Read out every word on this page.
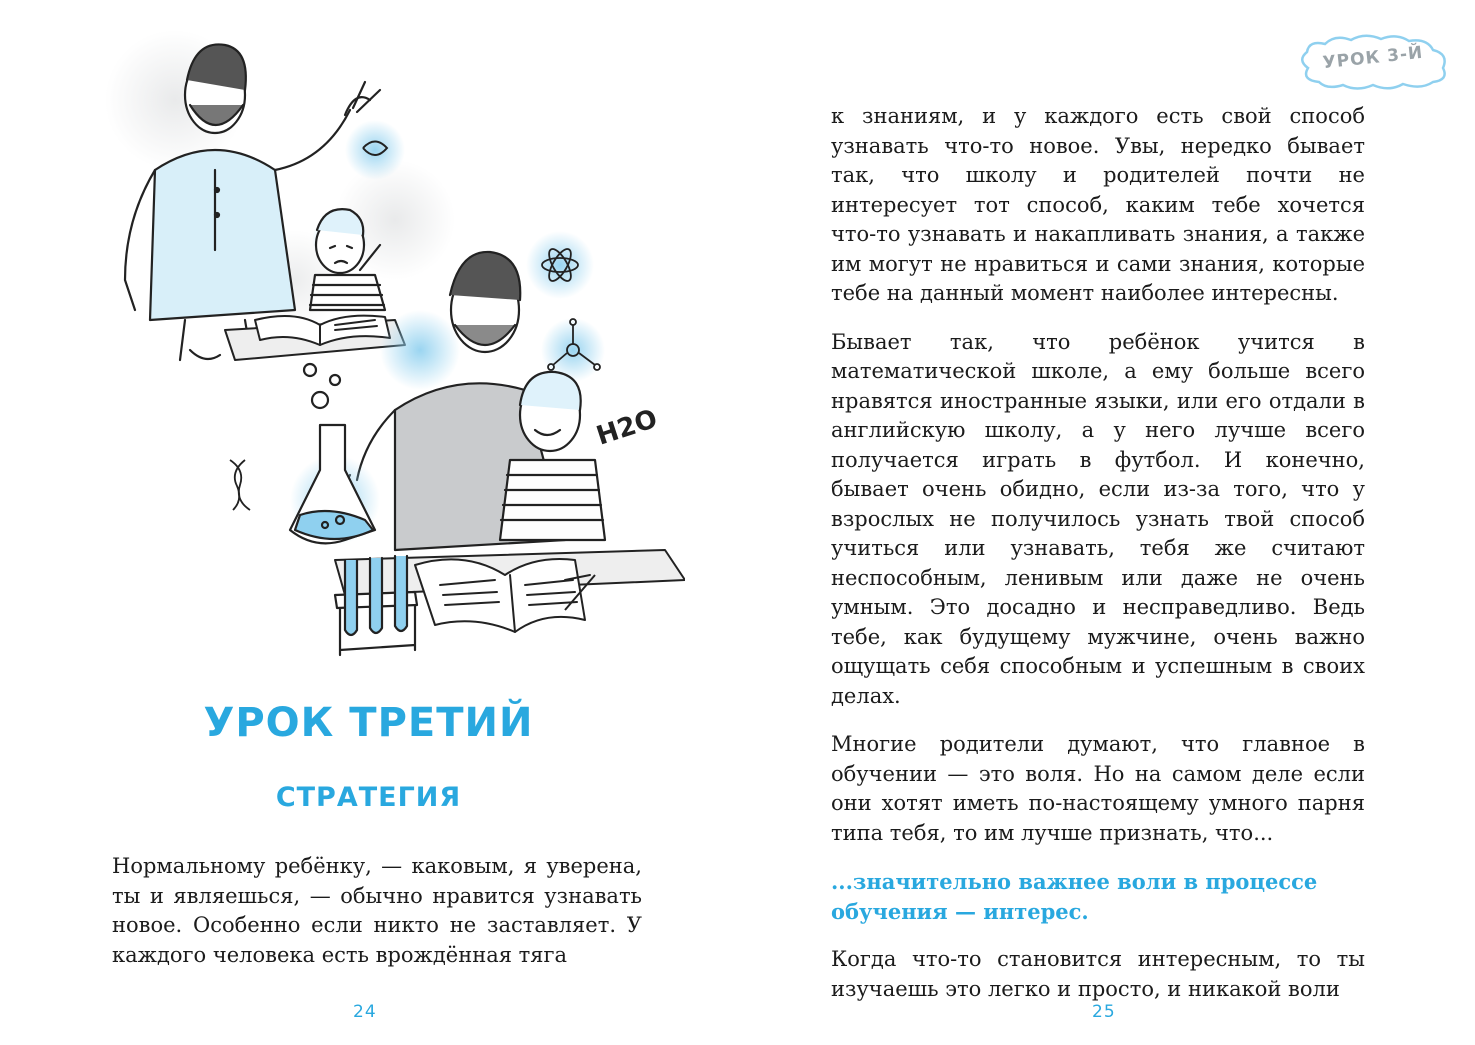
H2O
УРОК ТРЕТИЙ
СТРАТЕГИЯ

Нормальному ребёнку, — каковым, я уверена, ты и являешься, — обычно нравится узнавать новое. Особенно если никто не заставляет. У каждого человека есть врождённая тяга

24
УРОК 3-Й

к знаниям, и у каждого есть свой способ узнавать что-то новое. Увы, нередко бывает так, что школу и родителей почти не интересует тот способ, каким тебе хочется что-то узнавать и накапливать знания, а также им могут не нравиться и сами знания, которые тебе на данный момент наиболее интересны.

Бывает так, что ребёнок учится в математической школе, а ему больше всего нравятся иностранные языки, или его отдали в английскую школу, а у него лучше всего получается играть в футбол. И конечно, бывает очень обидно, если из-за того, что у взрослых не получилось узнать твой способ учиться или узнавать, тебя же считают неспособным, ленивым или даже не очень умным. Это досадно и несправедливо. Ведь тебе, как будущему мужчине, очень важно ощущать себя способным и успешным в своих делах.

Многие родители думают, что главное в обучении — это воля. Но на самом деле если они хотят иметь по-настоящему умного парня типа тебя, то им лучше признать, что...

...значительно важнее воли в процессе обучения — интерес.

Когда что-то становится интересным, то ты изучаешь это легко и просто, и никакой воли

25
